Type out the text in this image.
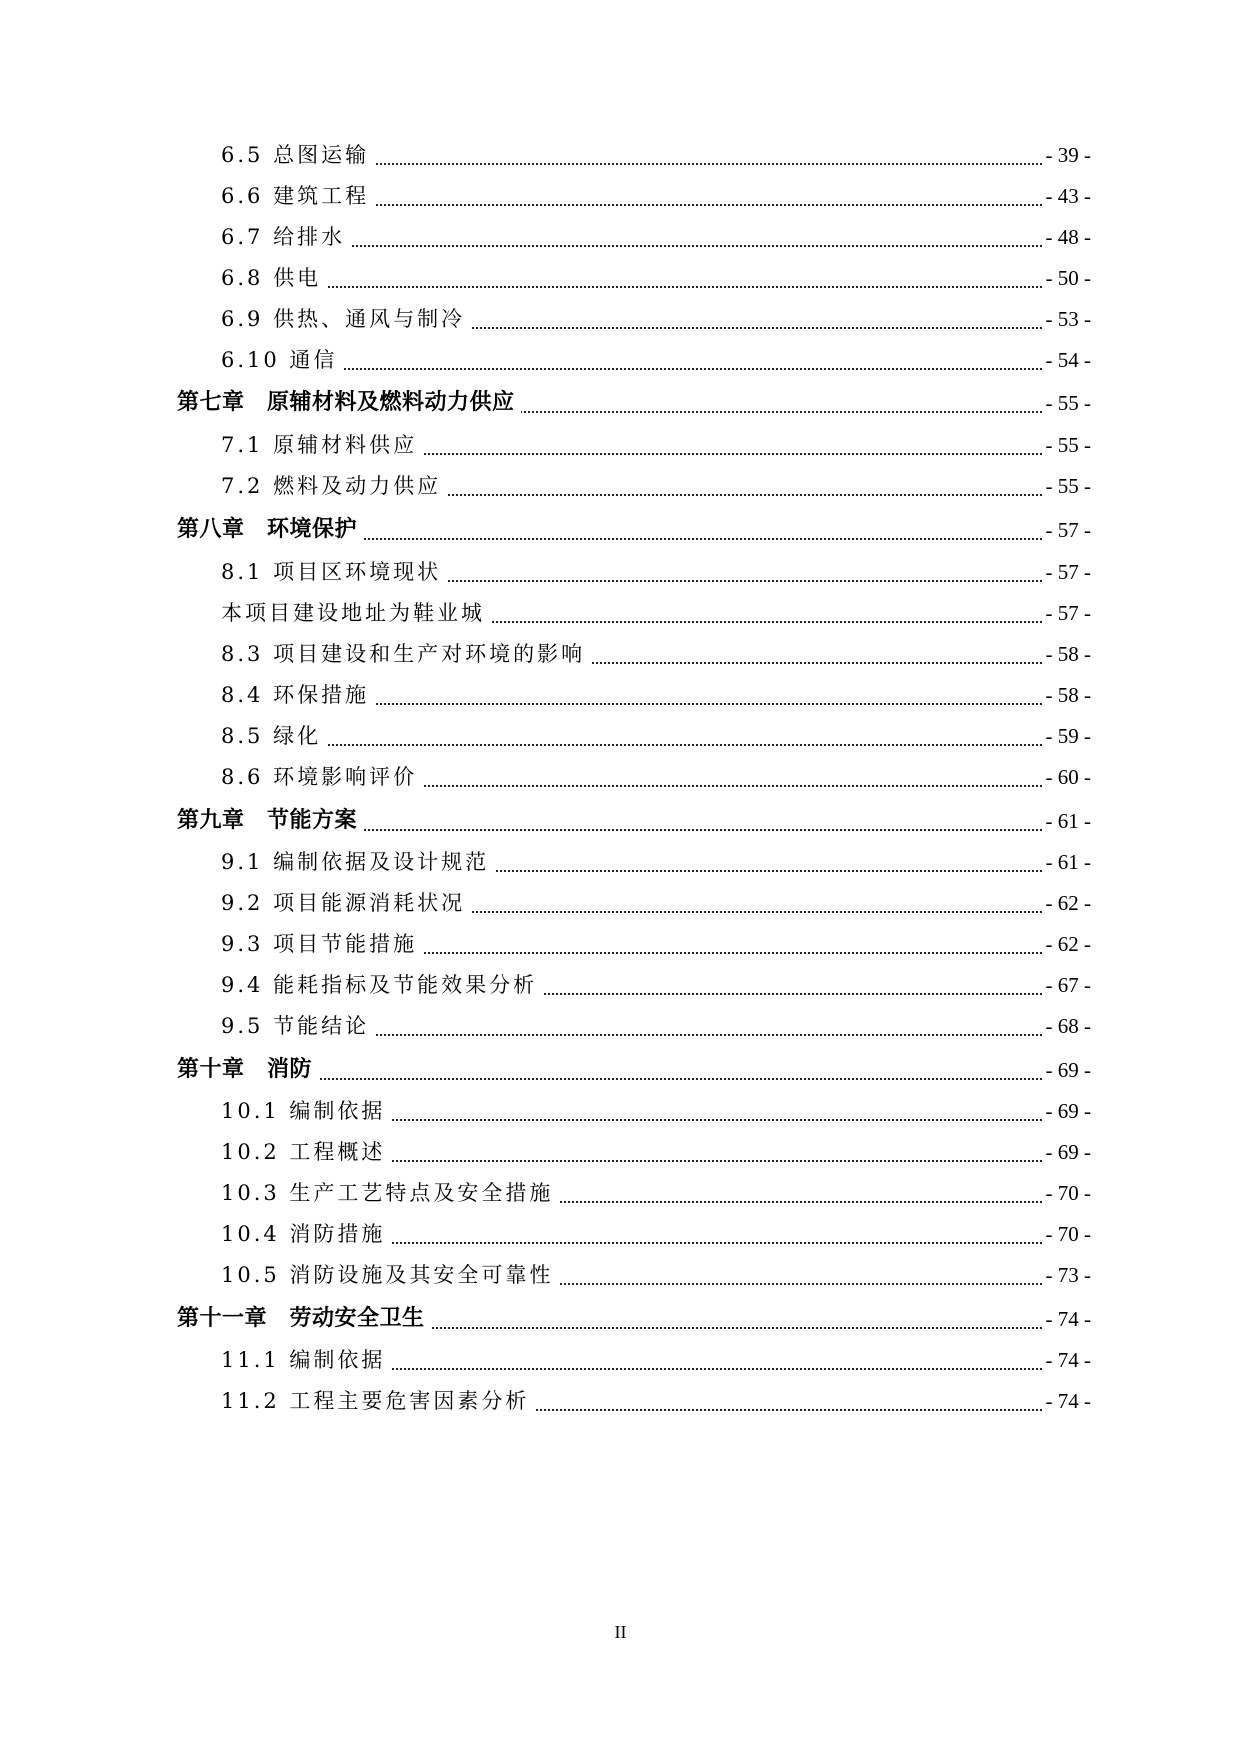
6.5 总图运输	- 39 -
6.6 建筑工程	- 43 -
6.7 给排水	- 48 -
6.8 供电	- 50 -
6.9 供热、通风与制冷	- 53 -
6.10 通信	- 54 -
第七章　原辅材料及燃料动力供应	- 55 -
7.1 原辅材料供应	- 55 -
7.2 燃料及动力供应	- 55 -
第八章　环境保护	- 57 -
8.1 项目区环境现状	- 57 -
本项目建设地址为鞋业城	- 57 -
8.3 项目建设和生产对环境的影响	- 58 -
8.4 环保措施	- 58 -
8.5 绿化	- 59 -
8.6 环境影响评价	- 60 -
第九章　节能方案	- 61 -
9.1 编制依据及设计规范	- 61 -
9.2 项目能源消耗状况	- 62 -
9.3 项目节能措施	- 62 -
9.4 能耗指标及节能效果分析	- 67 -
9.5 节能结论	- 68 -
第十章　消防	- 69 -
10.1 编制依据	- 69 -
10.2 工程概述	- 69 -
10.3 生产工艺特点及安全措施	- 70 -
10.4 消防措施	- 70 -
10.5 消防设施及其安全可靠性	- 73 -
第十一章　劳动安全卫生	- 74 -
11.1 编制依据	- 74 -
11.2 工程主要危害因素分析	- 74 -
II
